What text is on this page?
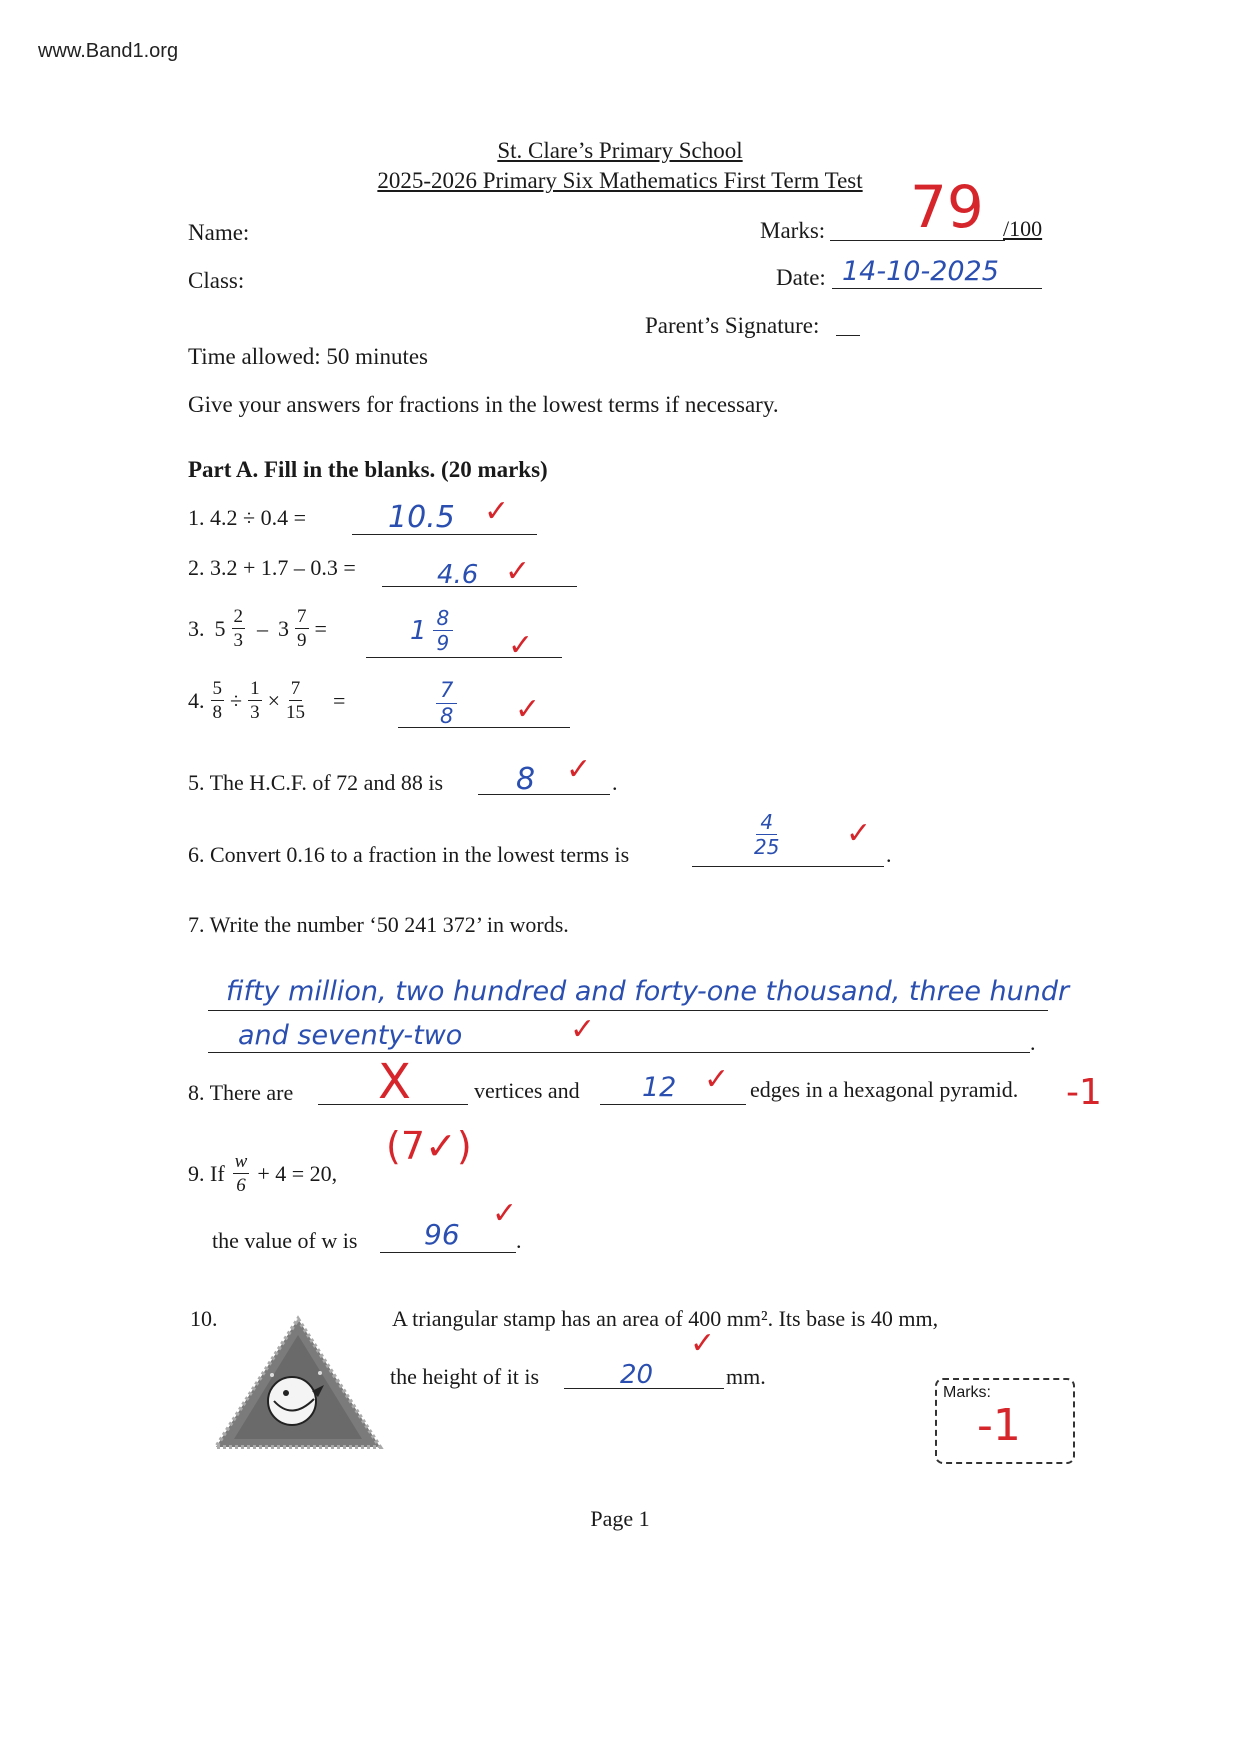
www.Band1.org
St. Clare’s Primary School
2025-2026 Primary Six Mathematics First Term Test
Name:	Marks: 79 /100
Class:	Date: 14-10-2025
Parent’s Signature:
Time allowed: 50 minutes
Give your answers for fractions in the lowest terms if necessary.
Part A. Fill in the blanks. (20 marks)
1. 4.2 ÷ 0.4 =	10.5 ✓
2. 3.2 + 1.7 – 0.3 =	4.6 ✓
3. $5 \frac{2}{3} - 3 \frac{7}{9}$ =	$1 \frac{8}{9}$ ✓
4. $\frac{5}{8} \div \frac{1}{3} \times \frac{7}{15}$ =	$\frac{7}{8}$ ✓
5. The H.C.F. of 72 and 88 is	.
8 ✓
6. Convert 0.16 to a fraction in the lowest terms is	.
$\frac{4}{25}$ ✓
7. Write the number ‘50 241 372’ in words.
fifty million, two hundred and forty-one thousand, three hundr
.
and seventy-two	✓
8. There are X	vertices and 12 ✓ edges in a hexagonal pyramid. -1
(7✓)
9. If $\frac{w}{6} + 4 = 20$,
the value of w is	.
96
✓
10.	A triangular stamp has an area of 400 mm². Its base is 40 mm,
the height of it is	20
✓
mm.
Marks:
-1
Page 1
